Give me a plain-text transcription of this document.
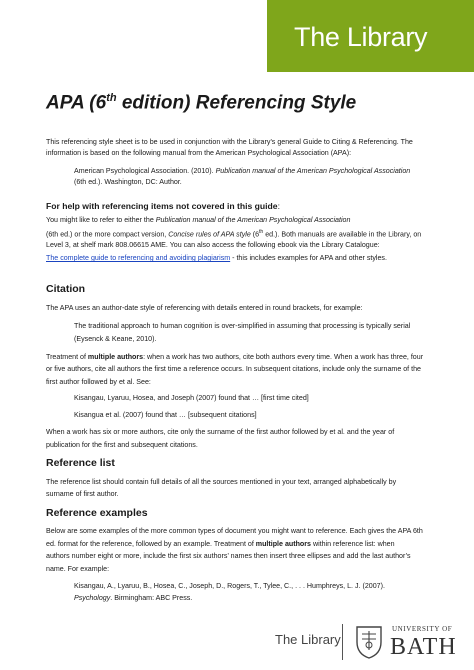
The Library
APA (6th edition) Referencing Style

This referencing style sheet is to be used in conjunction with the Library’s general Guide to Citing & Referencing. The

information is based on the following manual from the American Psychological Association (APA):

American Psychological Association. (2010). Publication manual of the American Psychological Association

(6th ed.). Washington, DC: Author.

For help with referencing items not covered in this guide:

You might like to refer to either the Publication manual of the American Psychological Association

(6th ed.) or the more compact version, Concise rules of APA style (6th ed.). Both manuals are available in the Library, on

Level 3, at shelf mark 808.06615 AME. You can also access the following ebook via the Library Catalogue:

The complete guide to referencing and avoiding plagiarism - this includes examples for APA and other styles.

Citation

The APA uses an author-date style of referencing with details entered in round brackets, for example:

The traditional approach to human cognition is over-simplified in assuming that processing is typically serial

(Eysenck & Keane, 2010).

Treatment of multiple authors: when a work has two authors, cite both authors every time. When a work has three, four

or five authors, cite all authors the first time a reference occurs. In subsequent citations, include only the surname of the

first author followed by et al. See:

Kisangau, Lyaruu, Hosea, and Joseph (2007) found that … [first time cited]

Kisangua et al. (2007) found that … [subsequent citations]

When a work has six or more authors, cite only the surname of the first author followed by et al. and the year of

publication for the first and subsequent citations.

Reference list

The reference list should contain full details of all the sources mentioned in your text, arranged alphabetically by

surname of first author.

Reference examples

Below are some examples of the more common types of document you might want to reference. Each gives the APA 6th

ed. format for the reference, followed by an example. Treatment of multiple authors within reference list: when

authors number eight or more, include the first six authors’ names then insert three ellipses and add the last author’s

name. For example:

Kisangau, A., Lyaruu, B., Hosea, C., Joseph, D., Rogers, T., Tylee, C., . . . Humphreys, L. J. (2007).

Psychology. Birmingham: ABC Press.

The Library
UNIVERSITY OF
BATH
